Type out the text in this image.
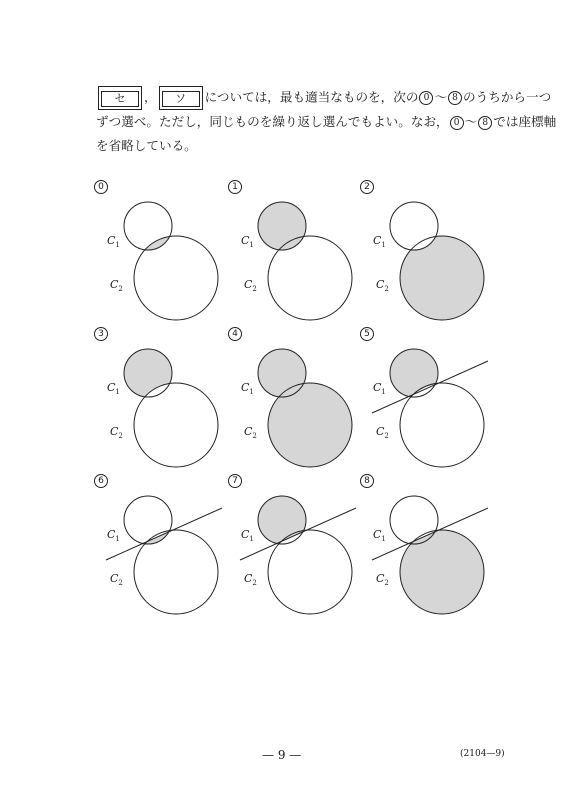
セ ， ソ については，最も適当なものを，次の 0 ～ 8 のうちから一つ
ずつ選べ。ただし，同じものを繰り返し選んでもよい。なお， 0 ～ 8 では座標軸
を省略している。
0	1	2
3	4	5
6	7	8
$C_1$
$C_2$
$C_1$
$C_2$
$C_1$
$C_2$
$C_1$
$C_2$
$C_1$
$C_2$
$C_1$
$C_2$
$C_1$
$C_2$
$C_1$
$C_2$
$C_1$
$C_2$
— 9 —	(2104—9)
